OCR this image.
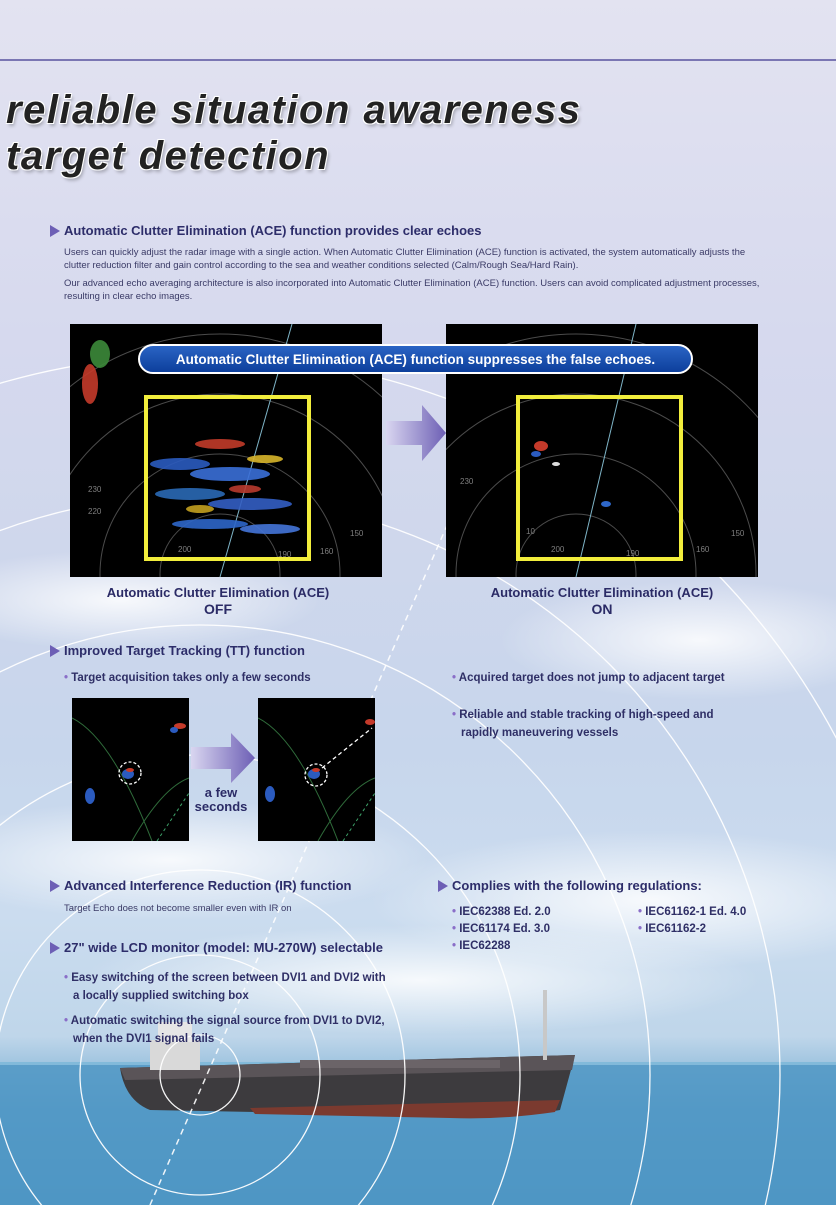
reliable situation awareness
target detection
Automatic Clutter Elimination (ACE) function provides clear echoes
Users can quickly adjust the radar image with a single action. When Automatic Clutter Elimination (ACE) function is activated, the system automatically adjusts the clutter reduction filter and gain control according to the sea and weather conditions selected (Calm/Rough Sea/Hard Rain).
Our advanced echo averaging architecture is also incorporated into Automatic Clutter Elimination (ACE) function. Users can avoid complicated adjustment processes, resulting in clear echo images.
230
220
200
190
150
160
230
10
200	190	160
150
Automatic Clutter Elimination (ACE) function suppresses the false echoes.
Automatic Clutter Elimination (ACE)
OFF
Automatic Clutter Elimination (ACE)
ON
Improved Target Tracking (TT) function
• Target acquisition takes only a few seconds	• Acquired target does not jump to adjacent target
• Reliable and stable tracking of high-speed and
rapidly maneuvering vessels
a few
seconds
Advanced Interference Reduction (IR) function
Target Echo does not become smaller even with IR on
27" wide LCD monitor (model: MU-270W) selectable
• Easy switching of the screen between DVI1 and DVI2 with
a locally supplied switching box
• Automatic switching the signal source from DVI1 to DVI2,
when the DVI1 signal fails
Complies with the following regulations:
• IEC62388 Ed. 2.0
• IEC61174 Ed. 3.0
• IEC62288
• IEC61162-1 Ed. 4.0
• IEC61162-2
